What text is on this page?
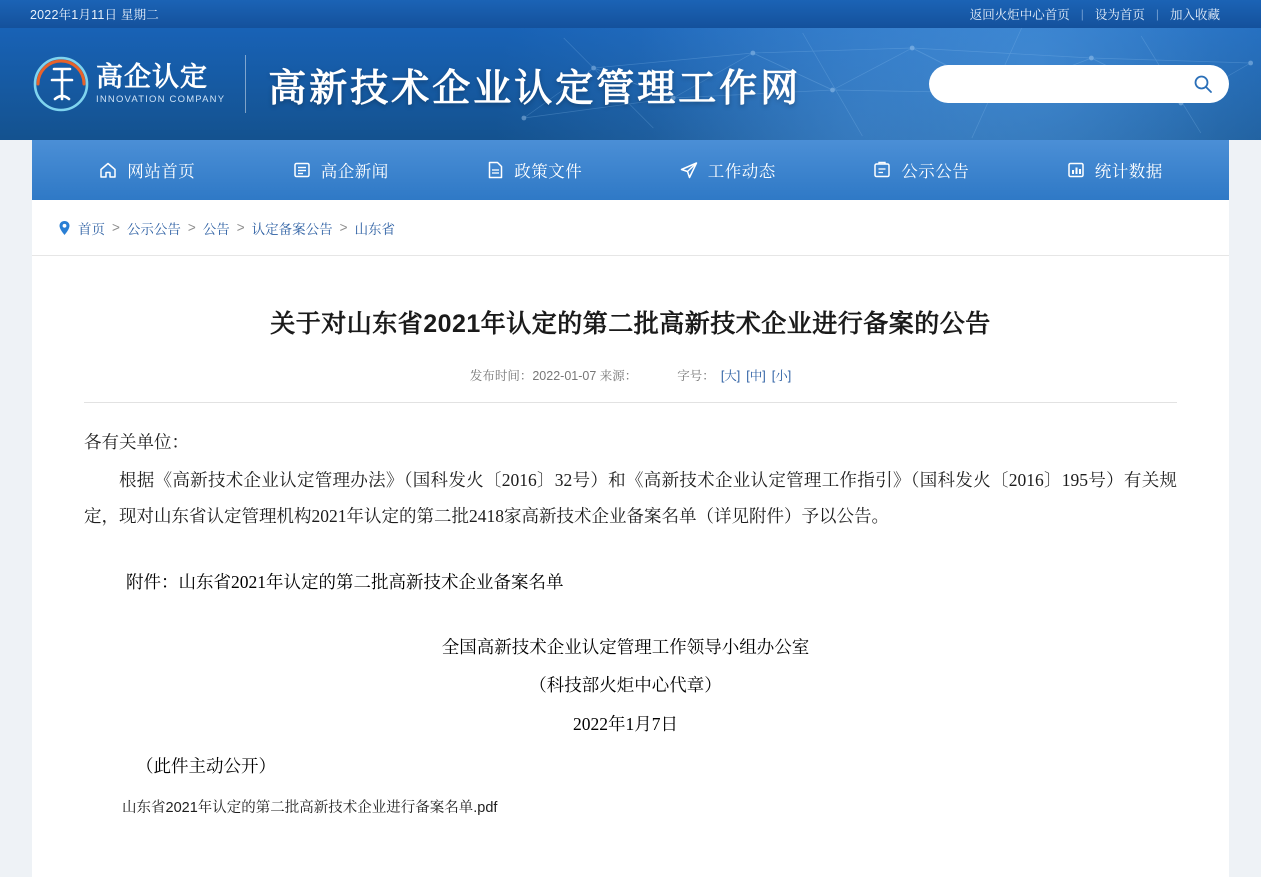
2022年1月11日 星期二	返回火炬中心首页 | 设为首页 | 加入收藏
高企认定
INNOVATION COMPANY 高新技术企业认定管理工作网
网站首页	高企新闻	政策文件	工作动态	公示公告	统计数据
首页 > 公示公告 > 公告 > 认定备案公告 > 山东省
关于对山东省2021年认定的第二批高新技术企业进行备案的公告
发布时间：2022-01-07 来源：	字号： [大] [中] [小]

各有关单位：

根据《高新技术企业认定管理办法》（国科发火〔2016〕32号）和《高新技术企业认定管理工作指引》（国科发火〔2016〕195号）有关规定，现对山东省认定管理机构2021年认定的第二批2418家高新技术企业备案名单（详见附件）予以公告。

附件：山东省2021年认定的第二批高新技术企业备案名单
全国高新技术企业认定管理工作领导小组办公室
（科技部火炬中心代章）
2022年1月7日
（此件主动公开）
山东省2021年认定的第二批高新技术企业进行备案名单.pdf
